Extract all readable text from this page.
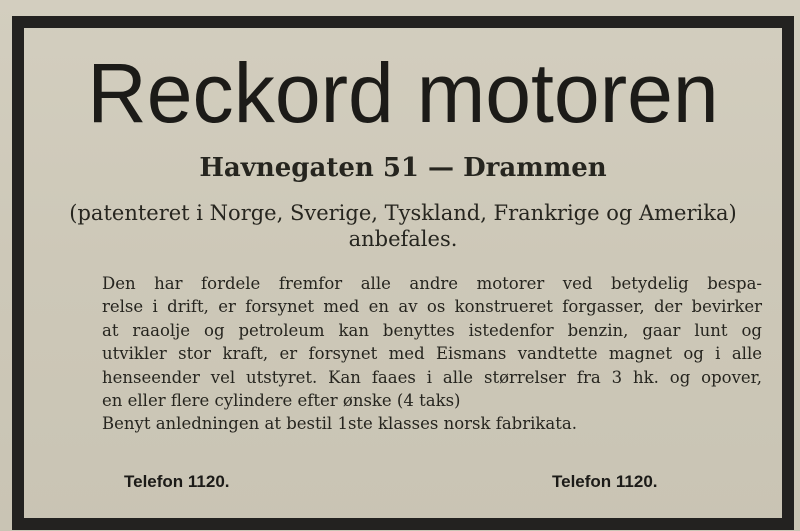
Reckord motoren
Havnegaten 51 — Drammen
(patenteret i Norge, Sverige, Tyskland, Frankrige og Amerika)
anbefales.
Den har fordele fremfor alle andre motorer ved betydelig bespa-
relse i drift, er forsynet med en av os konstrueret forgasser, der bevirker
at raaolje og petroleum kan benyttes istedenfor benzin, gaar lunt og
utvikler stor kraft, er forsynet med Eismans vandtette magnet og i alle
henseender vel utstyret. Kan faaes i alle størrelser fra 3 hk. og opover,
en eller flere cylindere efter ønske (4 taks)
Benyt anledningen at bestil 1ste klasses norsk fabrikata.
Telefon 1120.	Telefon 1120.
